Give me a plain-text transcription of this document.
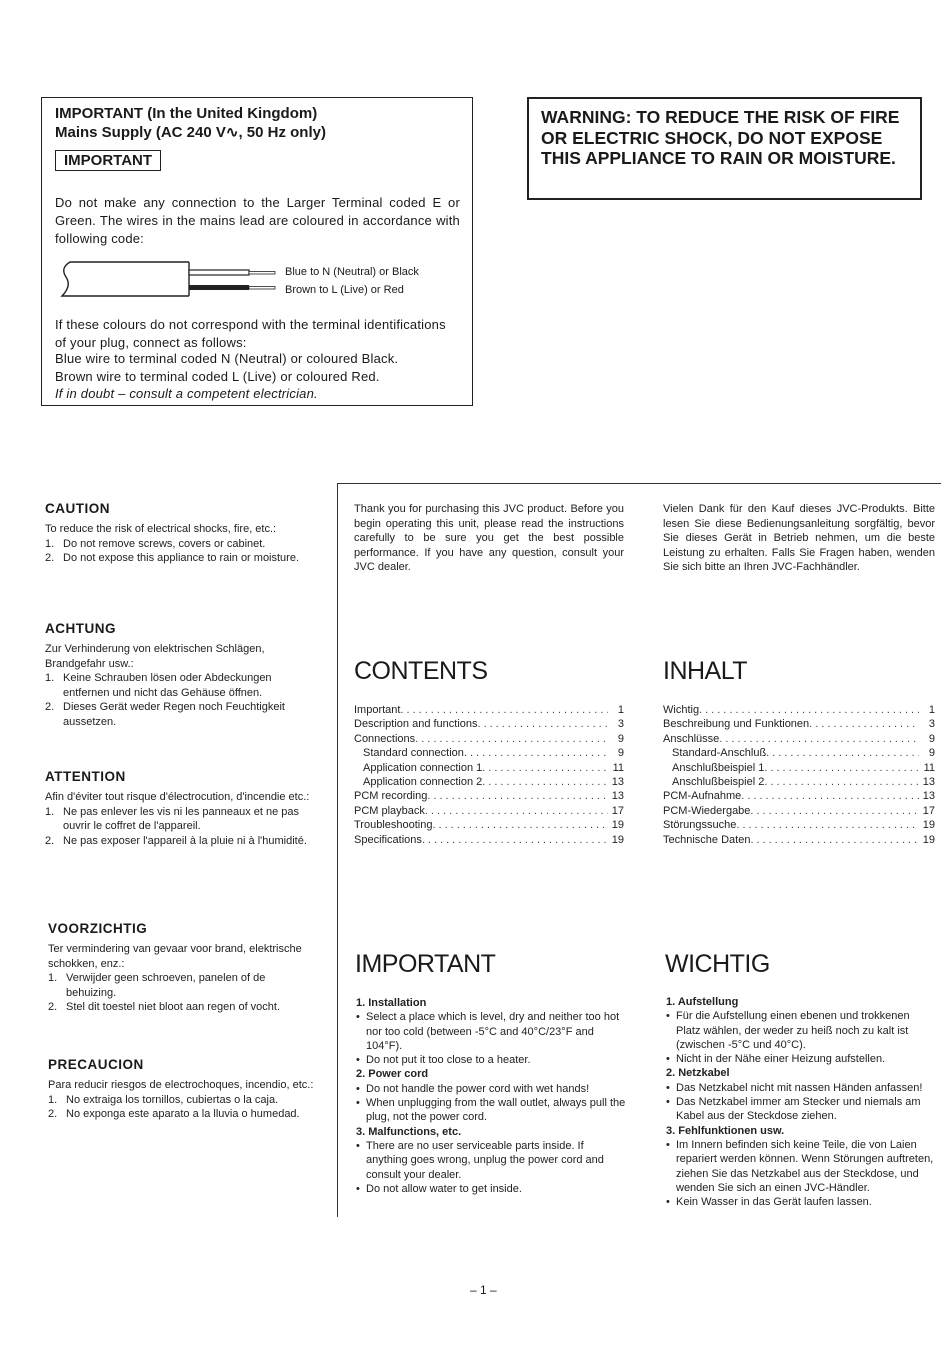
IMPORTANT (In the United Kingdom)
Mains Supply (AC 240 V∿, 50 Hz only)
IMPORTANT
Do not make any connection to the Larger Terminal coded E or Green. The wires in the mains lead are coloured in accordance with following code:
Blue to N (Neutral) or Black
Brown to L (Live) or Red
If these colours do not correspond with the terminal identifications of your plug, connect as follows:
Blue wire to terminal coded N (Neutral) or coloured Black.
Brown wire to terminal coded L (Live) or coloured Red.
If in doubt – consult a competent electrician.
WARNING: TO REDUCE THE RISK OF FIRE OR ELECTRIC SHOCK, DO NOT EXPOSE THIS APPLIANCE TO RAIN OR MOISTURE.
CAUTION
To reduce the risk of electrical shocks, fire, etc.:
1. Do not remove screws, covers or cabinet.
2. Do not expose this appliance to rain or moisture.
ACHTUNG
Zur Verhinderung von elektrischen Schlägen, Brandgefahr usw.:
1. Keine Schrauben lösen oder Abdeckungen entfernen und nicht das Gehäuse öffnen.
2. Dieses Gerät weder Regen noch Feuchtigkeit aussetzen.
ATTENTION
Afin d'éviter tout risque d'électrocution, d'incendie etc.:
1. Ne pas enlever les vis ni les panneaux et ne pas ouvrir le coffret de l'appareil.
2. Ne pas exposer l'appareil à la pluie ni à l'humidité.
VOORZICHTIG
Ter vermindering van gevaar voor brand, elektrische schokken, enz.:
1. Verwijder geen schroeven, panelen of de behuizing.
2. Stel dit toestel niet bloot aan regen of vocht.
PRECAUCION
Para reducir riesgos de electrochoques, incendio, etc.:
1. No extraiga los tornillos, cubiertas o la caja.
2. No exponga este aparato a la lluvia o humedad.
Thank you for purchasing this JVC product. Before you begin operating this unit, please read the instructions carefully to be sure you get the best possible performance. If you have any question, consult your JVC dealer.
Vielen Dank für den Kauf dieses JVC-Produkts. Bitte lesen Sie diese Bedienungsanleitung sorgfältig, bevor Sie dieses Gerät in Betrieb nehmen, um die beste Leistung zu erhalten. Falls Sie Fragen haben, wenden Sie sich bitte an Ihren JVC-Fachhändler.
CONTENTS
Important .....	1
Description and functions .....	3
Connections .....	9
Standard connection .....	9
Application connection 1 .....	11
Application connection 2 .....	13
PCM recording .....	13
PCM playback .....	17
Troubleshooting .....	19
Specifications .....	19
INHALT
Wichtig .....	1
Beschreibung und Funktionen .....	3
Anschlüsse .....	9
Standard-Anschluß .....	9
Anschlußbeispiel 1 .....	11
Anschlußbeispiel 2 .....	13
PCM-Aufnahme .....	13
PCM-Wiedergabe .....	17
Störungssuche .....	19
Technische Daten .....	19
IMPORTANT
1. Installation
• Select a place which is level, dry and neither too hot nor too cold (between -5°C and 40°C/23°F and 104°F).
• Do not put it too close to a heater.
2. Power cord
• Do not handle the power cord with wet hands!
• When unplugging from the wall outlet, always pull the plug, not the power cord.
3. Malfunctions, etc.
• There are no user serviceable parts inside. If anything goes wrong, unplug the power cord and consult your dealer.
• Do not allow water to get inside.
WICHTIG
1. Aufstellung
• Für die Aufstellung einen ebenen und trokkenen Platz wählen, der weder zu heiß noch zu kalt ist (zwischen -5°C und 40°C).
• Nicht in der Nähe einer Heizung aufstellen.
2. Netzkabel
• Das Netzkabel nicht mit nassen Händen anfassen!
• Das Netzkabel immer am Stecker und niemals am Kabel aus der Steckdose ziehen.
3. Fehlfunktionen usw.
• Im Innern befinden sich keine Teile, die von Laien repariert werden können. Wenn Störungen auftreten, ziehen Sie das Netzkabel aus der Steckdose, und wenden Sie sich an einen JVC-Händler.
• Kein Wasser in das Gerät laufen lassen.
– 1 –
